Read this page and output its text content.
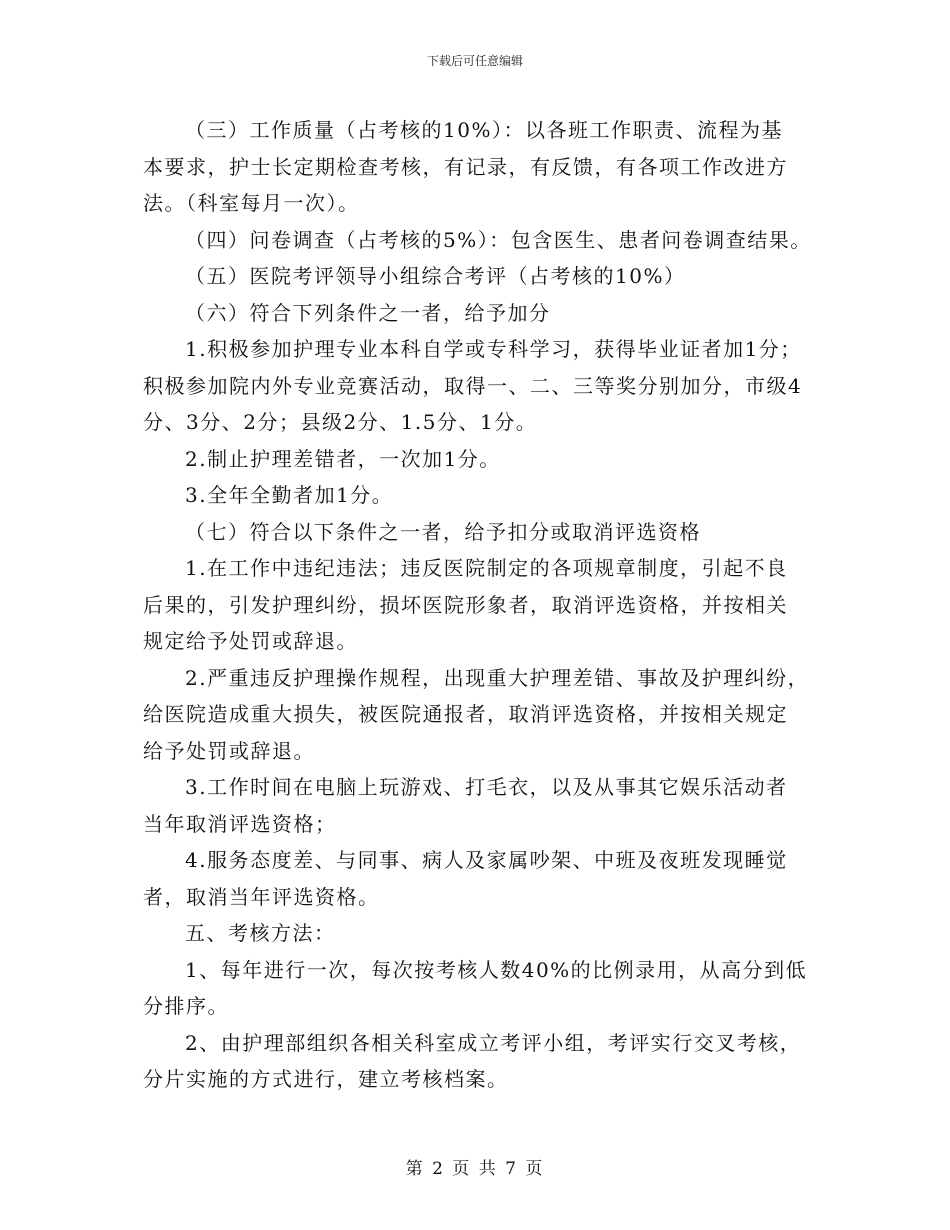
下载后可任意编辑
（三）工作质量（占考核的10%）：以各班工作职责、流程为基
本要求，护士长定期检查考核，有记录，有反馈，有各项工作改进方
法。（科室每月一次）。
（四）问卷调查（占考核的5%）：包含医生、患者问卷调查结果。
（五）医院考评领导小组综合考评（占考核的10%）
（六）符合下列条件之一者，给予加分
1.积极参加护理专业本科自学或专科学习，获得毕业证者加1分；
积极参加院内外专业竞赛活动，取得一、二、三等奖分别加分，市级4
分、3分、2分；县级2分、1.5分、1分。
2.制止护理差错者，一次加1分。
3.全年全勤者加1分。
（七）符合以下条件之一者，给予扣分或取消评选资格
1.在工作中违纪违法；违反医院制定的各项规章制度，引起不良
后果的，引发护理纠纷，损坏医院形象者，取消评选资格，并按相关
规定给予处罚或辞退。
2.严重违反护理操作规程，出现重大护理差错、事故及护理纠纷，
给医院造成重大损失，被医院通报者，取消评选资格，并按相关规定
给予处罚或辞退。
3.工作时间在电脑上玩游戏、打毛衣，以及从事其它娱乐活动者
当年取消评选资格；
4.服务态度差、与同事、病人及家属吵架、中班及夜班发现睡觉
者，取消当年评选资格。
五、考核方法：
1、每年进行一次，每次按考核人数40%的比例录用，从高分到低
分排序。
2、由护理部组织各相关科室成立考评小组，考评实行交叉考核，
分片实施的方式进行，建立考核档案。
第 2 页 共 7 页
